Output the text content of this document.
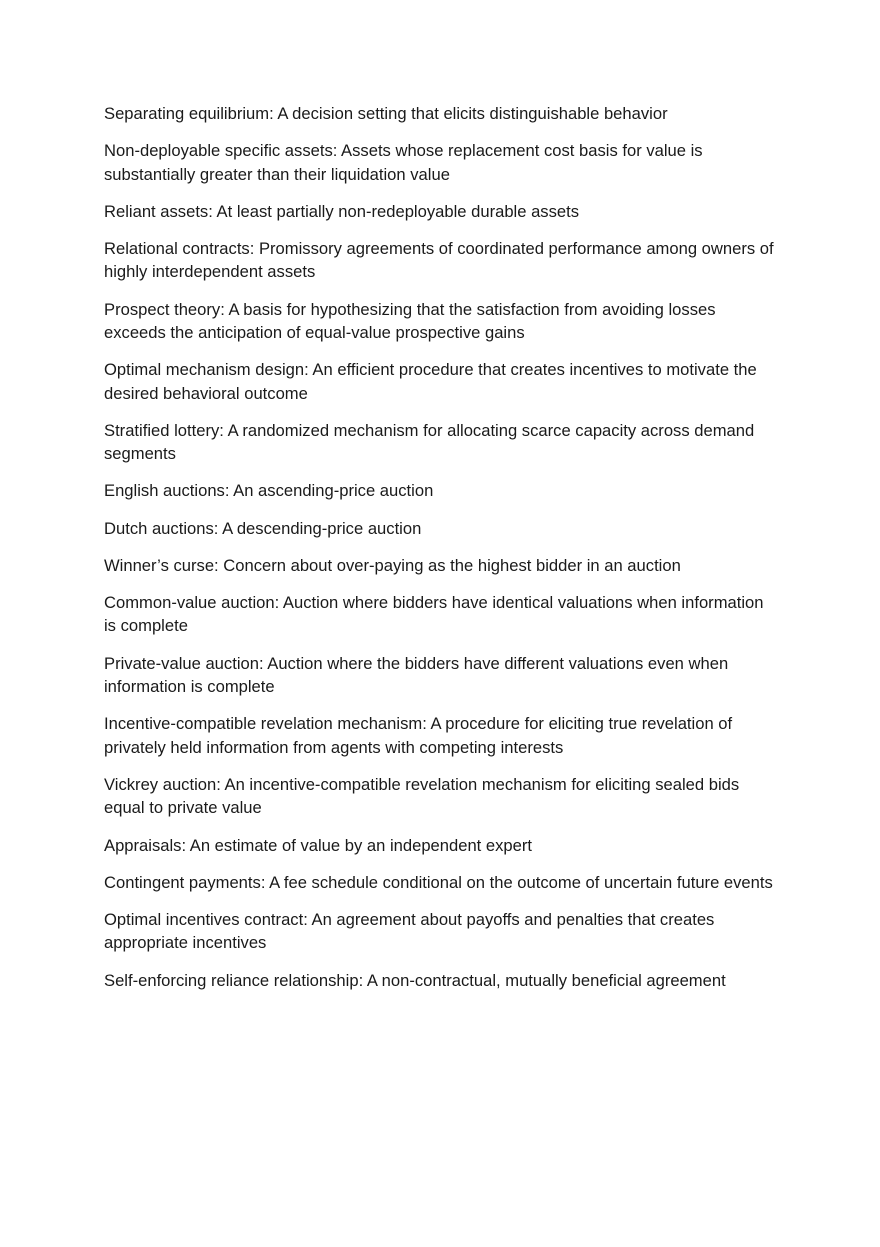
Separating equilibrium: A decision setting that elicits distinguishable behavior
Non-deployable specific assets: Assets whose replacement cost basis for value is substantially greater than their liquidation value
Reliant assets: At least partially non-redeployable durable assets
Relational contracts: Promissory agreements of coordinated performance among owners of highly interdependent assets
Prospect theory: A basis for hypothesizing that the satisfaction from avoiding losses exceeds the anticipation of equal-value prospective gains
Optimal mechanism design: An efficient procedure that creates incentives to motivate the desired behavioral outcome
Stratified lottery: A randomized mechanism for allocating scarce capacity across demand segments
English auctions: An ascending-price auction
Dutch auctions: A descending-price auction
Winner’s curse: Concern about over-paying as the highest bidder in an auction
Common-value auction: Auction where bidders have identical valuations when information is complete
Private-value auction: Auction where the bidders have different valuations even when information is complete
Incentive-compatible revelation mechanism: A procedure for eliciting true revelation of privately held information from agents with competing interests
Vickrey auction: An incentive-compatible revelation mechanism for eliciting sealed bids equal to private value
Appraisals: An estimate of value by an independent expert
Contingent payments: A fee schedule conditional on the outcome of uncertain future events
Optimal incentives contract: An agreement about payoffs and penalties that creates appropriate incentives
Self-enforcing reliance relationship: A non-contractual, mutually beneficial agreement
